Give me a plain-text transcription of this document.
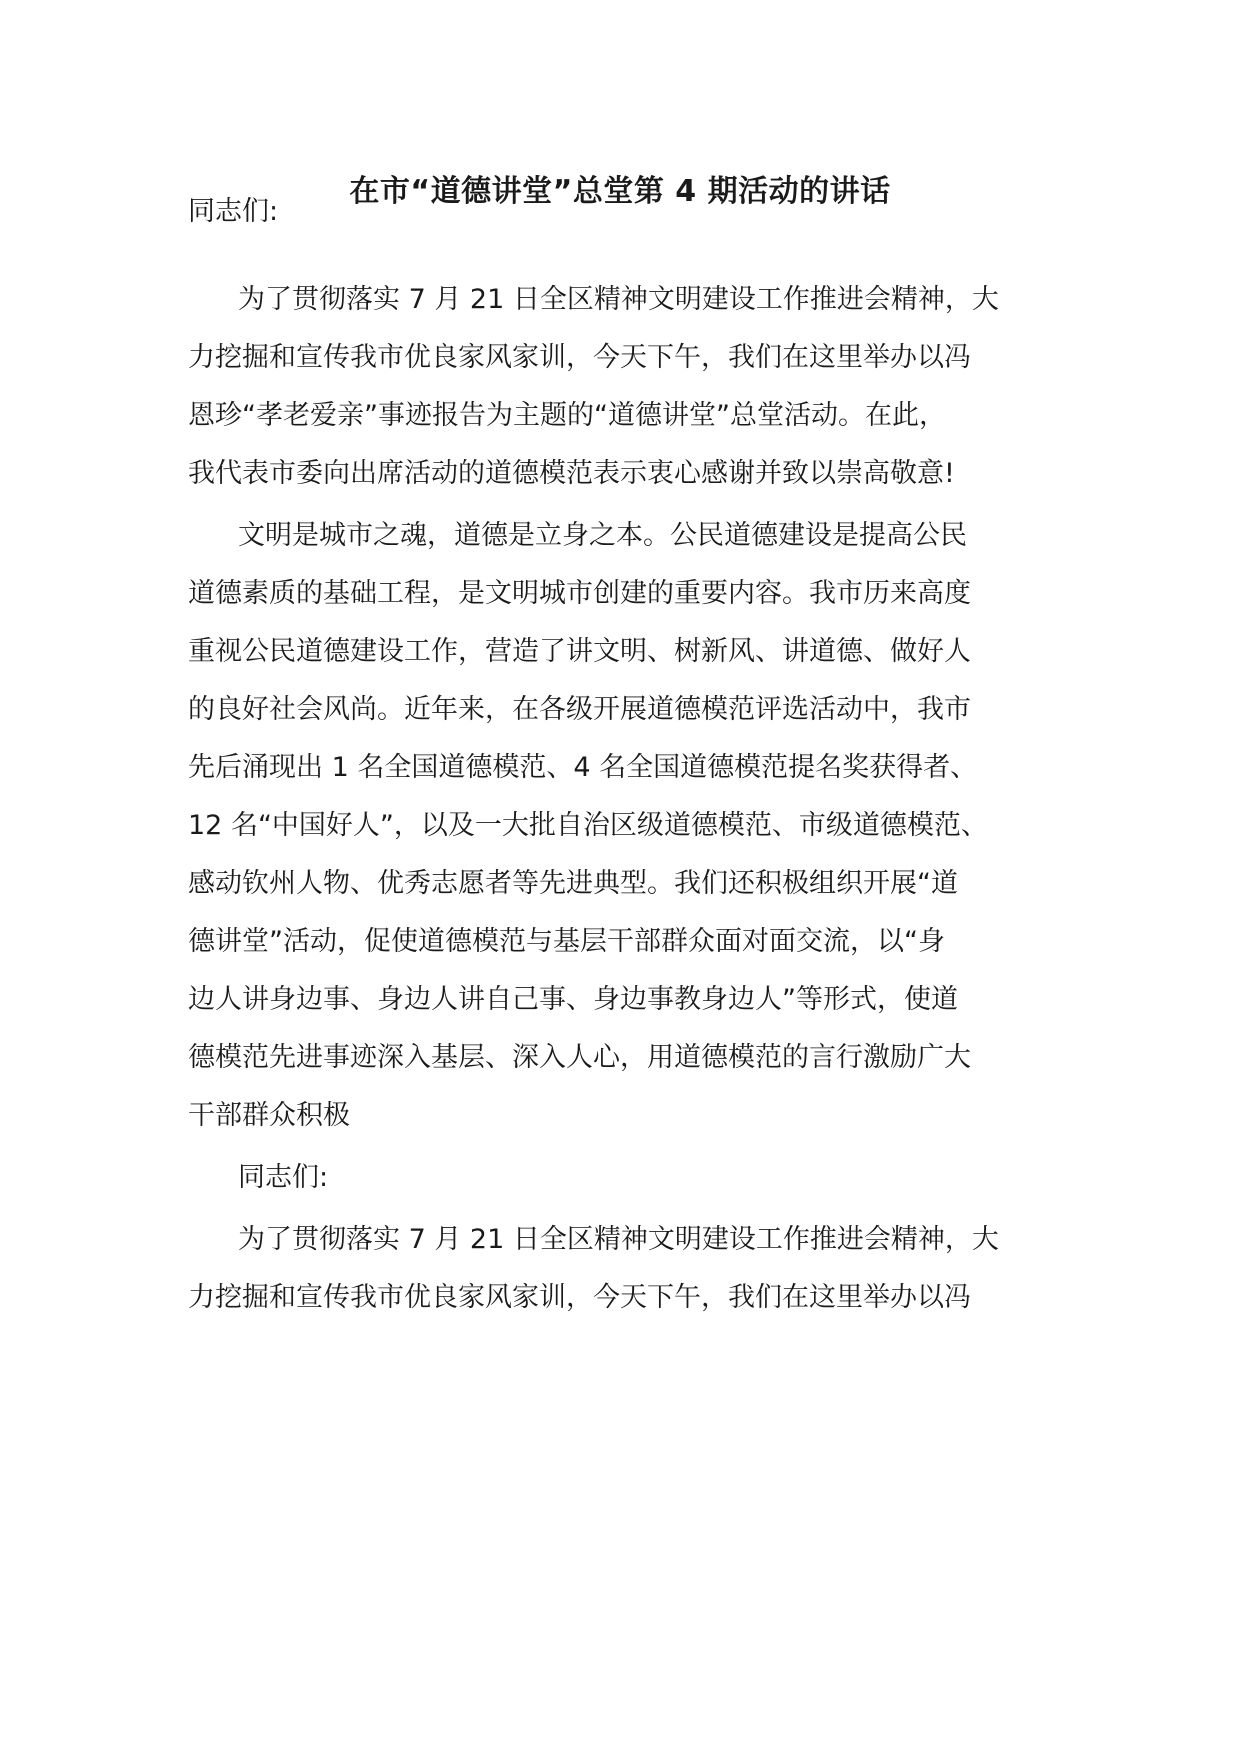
在市“道德讲堂”总堂第 4 期活动的讲话
同志们:
为了贯彻落实 7 月 21 日全区精神文明建设工作推进会精神，大
力挖掘和宣传我市优良家风家训，今天下午，我们在这里举办以冯
恩珍“孝老爱亲”事迹报告为主题的“道德讲堂”总堂活动。在此，
我代表市委向出席活动的道德模范表示衷心感谢并致以崇高敬意!
文明是城市之魂，道德是立身之本。公民道德建设是提高公民
道德素质的基础工程，是文明城市创建的重要内容。我市历来高度
重视公民道德建设工作，营造了讲文明、树新风、讲道德、做好人
的良好社会风尚。近年来，在各级开展道德模范评选活动中，我市
先后涌现出 1 名全国道德模范、4 名全国道德模范提名奖获得者、
12 名“中国好人”，以及一大批自治区级道德模范、市级道德模范、
感动钦州人物、优秀志愿者等先进典型。我们还积极组织开展“道
德讲堂”活动，促使道德模范与基层干部群众面对面交流，以“身
边人讲身边事、身边人讲自己事、身边事教身边人”等形式，使道
德模范先进事迹深入基层、深入人心，用道德模范的言行激励广大
干部群众积极
同志们:
为了贯彻落实 7 月 21 日全区精神文明建设工作推进会精神，大
力挖掘和宣传我市优良家风家训，今天下午，我们在这里举办以冯
